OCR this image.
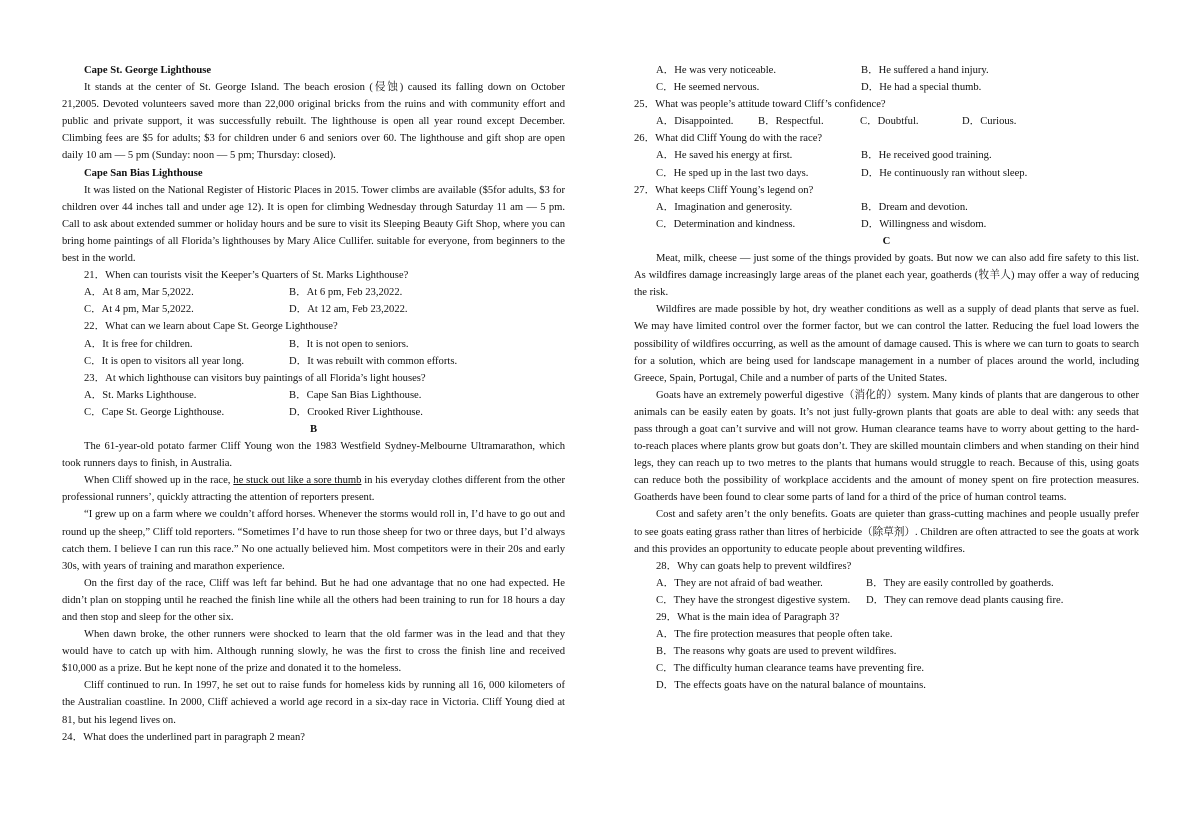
Cape St. George Lighthouse
It stands at the center of St. George Island. The beach erosion (侵蚀) caused its falling down on October 21,2005. Devoted volunteers saved more than 22,000 original bricks from the ruins and with community effort and public and private support, it was successfully rebuilt. The lighthouse is open all year round except December. Climbing fees are $5 for adults; $3 for children under 6 and seniors over 60. The lighthouse and gift shop are open daily 10 am — 5 pm (Sunday: noon — 5 pm; Thursday: closed).
Cape San Bias Lighthouse
It was listed on the National Register of Historic Places in 2015. Tower climbs are available ($5for adults, $3 for children over 44 inches tall and under age 12). It is open for climbing Wednesday through Saturday 11 am — 5 pm. Call to ask about extended summer or holiday hours and be sure to visit its Sleeping Beauty Gift Shop, where you can bring home paintings of all Florida’s lighthouses by Mary Alice Cullifer. suitable for everyone, from beginners to the best in the world.
21．When can tourists visit the Keeper’s Quarters of St. Marks Lighthouse?
A．At 8 am, Mar 5,2022.	B．At 6 pm, Feb 23,2022.
C．At 4 pm, Mar 5,2022.	D．At 12 am, Feb 23,2022.
22．What can we learn about Cape St. George Lighthouse?
A．It is free for children.	B．It is not open to seniors.
C．It is open to visitors all year long.	D．It was rebuilt with common efforts.
23．At which lighthouse can visitors buy paintings of all Florida’s light houses?
A．St. Marks Lighthouse.	B．Cape San Bias Lighthouse.
C．Cape St. George Lighthouse.	D．Crooked River Lighthouse.
B
The 61-year-old potato farmer Cliff Young won the 1983 Westfield Sydney-Melbourne Ultramarathon, which took runners days to finish, in Australia.
When Cliff showed up in the race, he stuck out like a sore thumb in his everyday clothes different from the other professional runners’, quickly attracting the attention of reporters present.
“I grew up on a farm where we couldn’t afford horses. Whenever the storms would roll in, I’d have to go out and round up the sheep,” Cliff told reporters. “Sometimes I’d have to run those sheep for two or three days, but I’d always catch them. I believe I can run this race.” No one actually believed him. Most competitors were in their 20s and early 30s, with years of training and marathon experience.
On the first day of the race, Cliff was left far behind. But he had one advantage that no one had expected. He didn’t plan on stopping until he reached the finish line while all the others had been training to run for 18 hours a day and then stop and sleep for the other six.
When dawn broke, the other runners were shocked to learn that the old farmer was in the lead and that they would have to catch up with him. Although running slowly, he was the first to cross the finish line and received $10,000 as a prize. But he kept none of the prize and donated it to the homeless.
Cliff continued to run. In 1997, he set out to raise funds for homeless kids by running all 16, 000 kilometers of the Australian coastline. In 2000, Cliff achieved a world age record in a six-day race in Victoria. Cliff Young died at 81, but his legend lives on.
24．What does the underlined part in paragraph 2 mean?
A．He was very noticeable.	B．He suffered a hand injury.
C．He seemed nervous.	D．He had a special thumb.
25．What was people’s attitude toward Cliff’s confidence?
A．Disappointed. B．Respectful.	C．Doubtful.	D．Curious.
26．What did Cliff Young do with the race?
A．He saved his energy at first.	B．He received good training.
C．He sped up in the last two days.	D．He continuously ran without sleep.
27．What keeps Cliff Young’s legend on?
A．Imagination and generosity.	B．Dream and devotion.
C．Determination and kindness.	D．Willingness and wisdom.
C
Meat, milk, cheese — just some of the things provided by goats. But now we can also add fire safety to this list. As wildfires damage increasingly large areas of the planet each year, goatherds (牧羊人) may offer a way of reducing the risk.
Wildfires are made possible by hot, dry weather conditions as well as a supply of dead plants that serve as fuel. We may have limited control over the former factor, but we can control the latter. Reducing the fuel load lowers the possibility of wildfires occurring, as well as the amount of damage caused. This is where we can turn to goats to search for a solution, which are being used for landscape management in a number of places around the world, including Greece, Spain, Portugal, Chile and a number of parts of the United States.
Goats have an extremely powerful digestive（消化的）system. Many kinds of plants that are dangerous to other animals can be easily eaten by goats. It’s not just fully-grown plants that goats are able to deal with: any seeds that pass through a goat can’t survive and will not grow. Human clearance teams have to worry about getting to the hard-to-reach places where plants grow but goats don’t. They are skilled mountain climbers and when standing on their hind legs, they can reach up to two metres to the plants that humans would struggle to reach. Because of this, using goats can reduce both the possibility of workplace accidents and the amount of money spent on fire protection measures. Goatherds have been found to clear some parts of land for a third of the price of human control teams.
Cost and safety aren’t the only benefits. Goats are quieter than grass-cutting machines and people usually prefer to see goats eating grass rather than litres of herbicide（除草剂）. Children are often attracted to see the goats at work and this provides an opportunity to educate people about preventing wildfires.
28．Why can goats help to prevent wildfires?
A．They are not afraid of bad weather.	B．They are easily controlled by goatherds.
C．They have the strongest digestive system. D．They can remove dead plants causing fire.
29．What is the main idea of Paragraph 3?
A．The fire protection measures that people often take.
B．The reasons why goats are used to prevent wildfires.
C．The difficulty human clearance teams have preventing fire.
D．The effects goats have on the natural balance of mountains.
